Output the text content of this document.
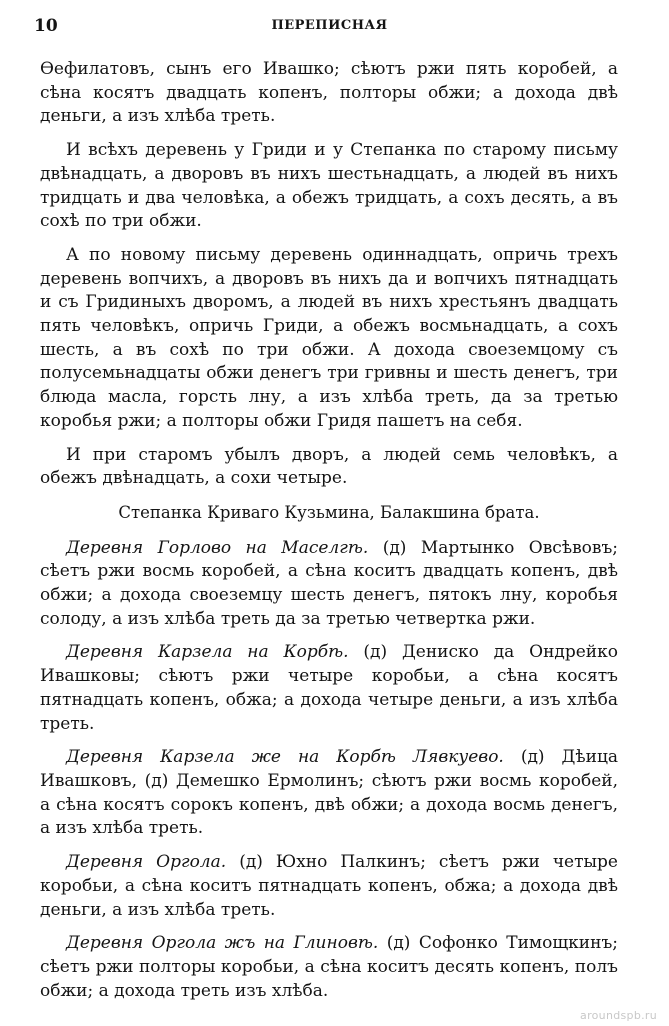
10	ПЕРЕПИСНАЯ

Өефилатовъ, сынъ его Ивашко; сѣютъ ржи пять коробей, а сѣна косятъ двадцать копенъ, полторы обжи; а дохода двѣ деньги, а изъ хлѣба треть.

И всѣхъ деревень у Гриди и у Степанка по старому письму двѣнадцать, а дворовъ въ нихъ шестьнадцать, а людей въ нихъ тридцать и два человѣка, а обежъ тридцать, а сохъ десять, а въ сохѣ по три обжи.

А по новому письму деревень одиннадцать, опричь трехъ деревень вопчихъ, а дворовъ въ нихъ да и вопчихъ пятнадцать и съ Гридиныхъ дворомъ, а людей въ нихъ хрестьянъ двадцать пять человѣкъ, опричь Гриди, а обежъ восмьнадцать, а сохъ шесть, а въ сохѣ по три обжи. А дохода своеземцому съ полусемьнадцаты обжи денегъ три гривны и шесть денегъ, три блюда масла, горсть лну, а изъ хлѣба треть, да за третью коробья ржи; а полторы обжи Гридя пашетъ на себя.

И при старомъ убылъ дворъ, а людей семь человѣкъ, а обежъ двѣнадцать, а сохи четыре.

Степанка Криваго Кузьмина, Балакшина брата.

Деревня Горлово на Маселгѣ. (д) Мартынко Овсѣвовъ; сѣетъ ржи восмь коробей, а сѣна коситъ двадцать копенъ, двѣ обжи; а дохода своеземцу шесть денегъ, пятокъ лну, коробья солоду, а изъ хлѣба треть да за третью четвертка ржи.

Деревня Карзела на Корбѣ. (д) Дениско да Ондрейко Ивашковы; сѣютъ ржи четыре коробьи, а сѣна косятъ пятнадцать копенъ, обжа; а дохода четыре деньги, а изъ хлѣба треть.

Деревня Карзела же на Корбѣ Лявкуево. (д) Дѣица Ивашковъ, (д) Демешко Ермолинъ; сѣютъ ржи восмь коробей, а сѣна косятъ сорокъ копенъ, двѣ обжи; а дохода восмь денегъ, а изъ хлѣба треть.

Деревня Оргола. (д) Юхно Палкинъ; сѣетъ ржи четыре коробьи, а сѣна коситъ пятнадцать копенъ, обжа; а дохода двѣ деньги, а изъ хлѣба треть.

Деревня Оргола жъ на Глиновѣ. (д) Софонко Тимощкинъ; сѣетъ ржи полторы коробьи, а сѣна коситъ десять копенъ, полъ обжи; а дохода треть изъ хлѣба.

aroundspb.ru
